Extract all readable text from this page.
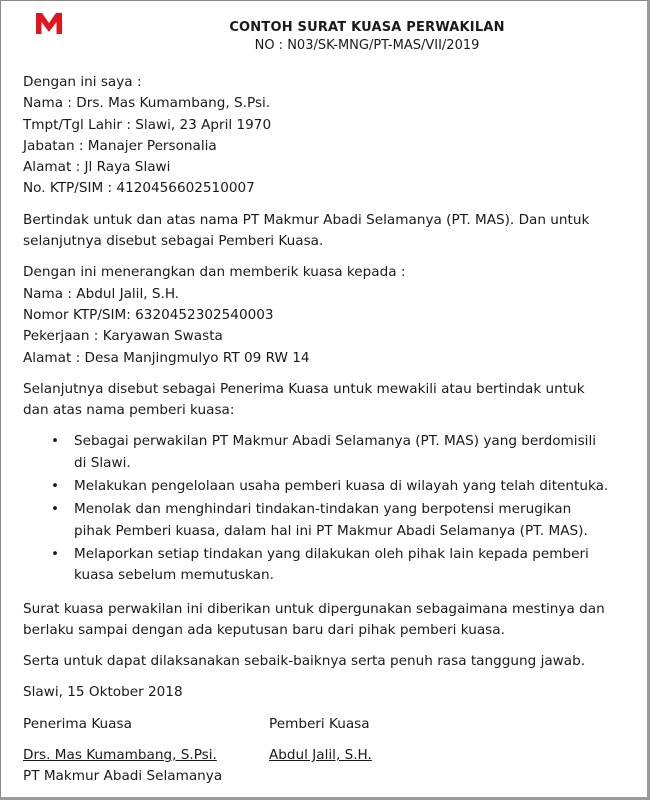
CONTOH SURAT KUASA PERWAKILAN
NO : N03/SK-MNG/PT-MAS/VII/2019
Dengan ini saya :
Nama : Drs. Mas Kumambang, S.Psi.
Tmpt/Tgl Lahir : Slawi, 23 April 1970
Jabatan : Manajer Personalia
Alamat : Jl Raya Slawi
No. KTP/SIM : 4120456602510007
Bertindak untuk dan atas nama PT Makmur Abadi Selamanya (PT. MAS). Dan untuk
selanjutnya disebut sebagai Pemberi Kuasa.
Dengan ini menerangkan dan memberik kuasa kepada :
Nama : Abdul Jalil, S.H.
Nomor KTP/SIM: 6320452302540003
Pekerjaan : Karyawan Swasta
Alamat : Desa Manjingmulyo RT 09 RW 14
Selanjutnya disebut sebagai Penerima Kuasa untuk mewakili atau bertindak untuk
dan atas nama pemberi kuasa:
• Sebagai perwakilan PT Makmur Abadi Selamanya (PT. MAS) yang berdomisili
di Slawi.
• Melakukan pengelolaan usaha pemberi kuasa di wilayah yang telah ditentuka.
• Menolak dan menghindari tindakan-tindakan yang berpotensi merugikan
pihak Pemberi kuasa, dalam hal ini PT Makmur Abadi Selamanya (PT. MAS).
• Melaporkan setiap tindakan yang dilakukan oleh pihak lain kepada pemberi
kuasa sebelum memutuskan.
Surat kuasa perwakilan ini diberikan untuk dipergunakan sebagaimana mestinya dan
berlaku sampai dengan ada keputusan baru dari pihak pemberi kuasa.
Serta untuk dapat dilaksanakan sebaik-baiknya serta penuh rasa tanggung jawab.
Slawi, 15 Oktober 2018
Penerima Kuasa	Pemberi Kuasa
Drs. Mas Kumambang, S.Psi.	Abdul Jalil, S.H.
PT Makmur Abadi Selamanya
